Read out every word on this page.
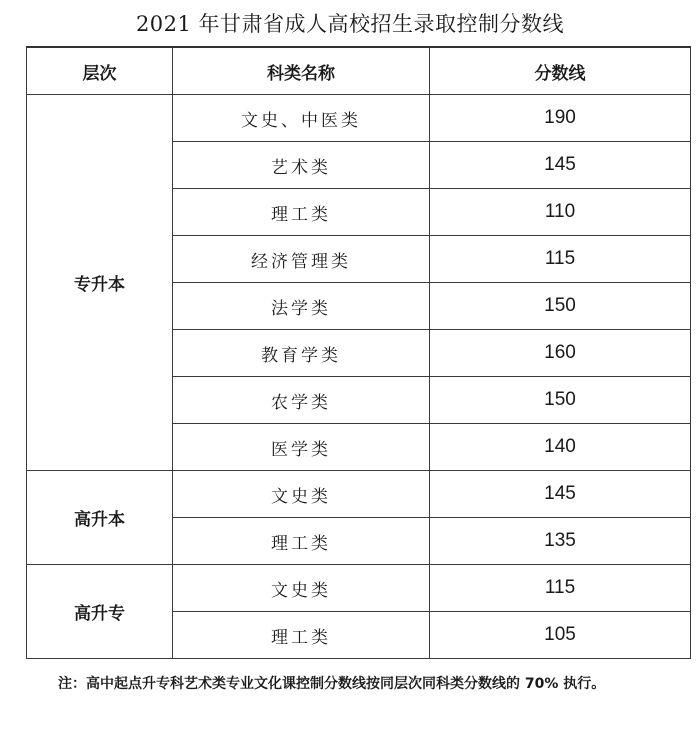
2021 年甘肃省成人高校招生录取控制分数线
层次	科类名称	分数线
专升本	文史、中医类	190
	艺术类	145
	理工类	110
	经济管理类	115
	法学类	150
	教育学类	160
	农学类	150
	医学类	140
高升本	文史类	145
	理工类	135
高升专	文史类	115
	理工类	105
注：高中起点升专科艺术类专业文化课控制分数线按同层次同科类分数线的 70% 执行。
